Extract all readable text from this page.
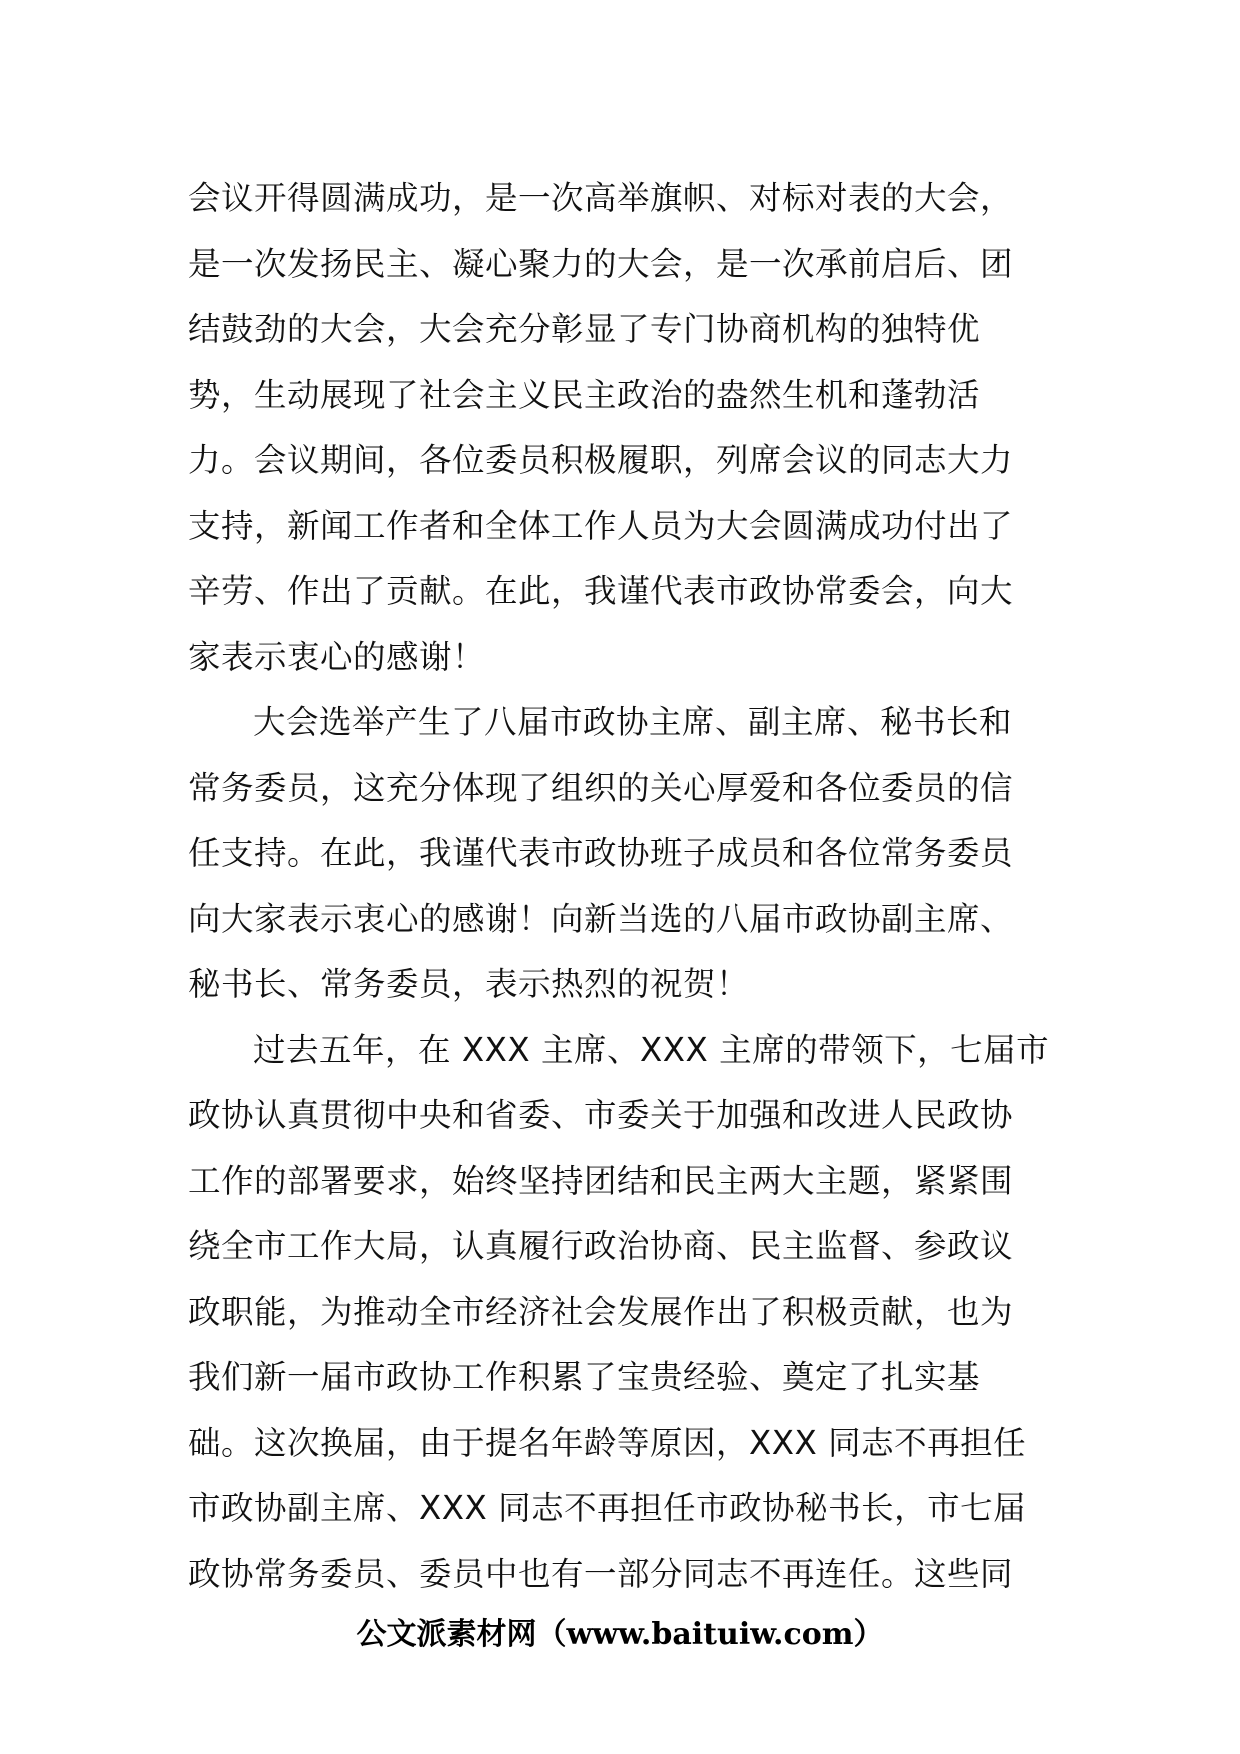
会议开得圆满成功，是一次高举旗帜、对标对表的大会，
是一次发扬民主、凝心聚力的大会，是一次承前启后、团
结鼓劲的大会，大会充分彰显了专门协商机构的独特优
势，生动展现了社会主义民主政治的盎然生机和蓬勃活
力。会议期间，各位委员积极履职，列席会议的同志大力
支持，新闻工作者和全体工作人员为大会圆满成功付出了
辛劳、作出了贡献。在此，我谨代表市政协常委会，向大
家表示衷心的感谢！
大会选举产生了八届市政协主席、副主席、秘书长和
常务委员，这充分体现了组织的关心厚爱和各位委员的信
任支持。在此，我谨代表市政协班子成员和各位常务委员
向大家表示衷心的感谢！向新当选的八届市政协副主席、
秘书长、常务委员，表示热烈的祝贺！
过去五年，在 XXX 主席、XXX 主席的带领下，七届市
政协认真贯彻中央和省委、市委关于加强和改进人民政协
工作的部署要求，始终坚持团结和民主两大主题，紧紧围
绕全市工作大局，认真履行政治协商、民主监督、参政议
政职能，为推动全市经济社会发展作出了积极贡献，也为
我们新一届市政协工作积累了宝贵经验、奠定了扎实基
础。这次换届，由于提名年龄等原因，XXX 同志不再担任
市政协副主席、XXX 同志不再担任市政协秘书长，市七届
政协常务委员、委员中也有一部分同志不再连任。这些同
公文派素材网（www.baituiw.com）
